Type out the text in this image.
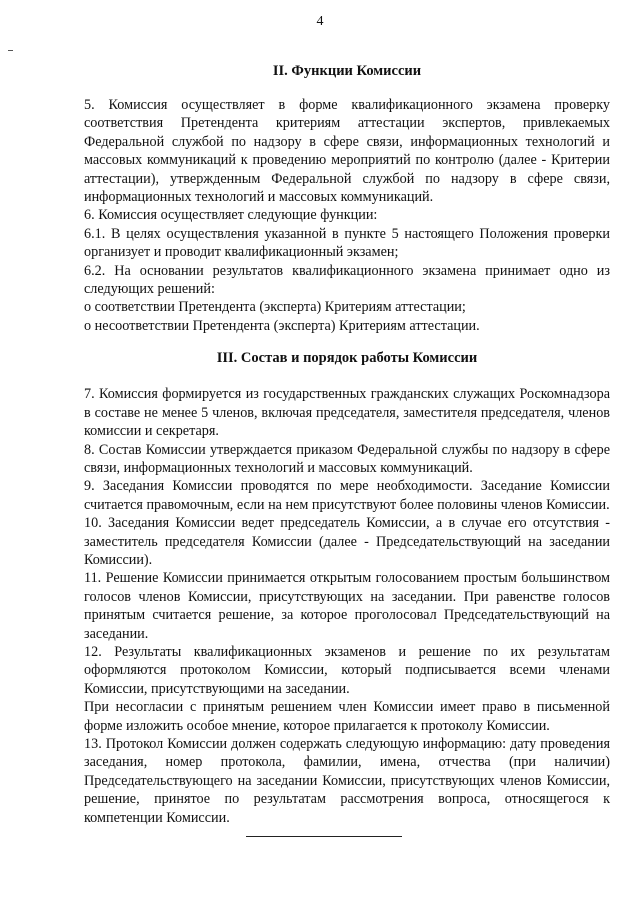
4
II. Функции Комиссии

5. Комиссия осуществляет в форме квалификационного экзамена проверку соответствия Претендента критериям аттестации экспертов, привлекаемых Федеральной службой по надзору в сфере связи, информационных технологий и массовых коммуникаций к проведению мероприятий по контролю (далее - Критерии аттестации), утвержденным Федеральной службой по надзору в сфере связи, информационных технологий и массовых коммуникаций.

6. Комиссия осуществляет следующие функции:

6.1. В целях осуществления указанной в пункте 5 настоящего Положения проверки организует и проводит квалификационный экзамен;

6.2. На основании результатов квалификационного экзамена принимает одно из следующих решений:

о соответствии Претендента (эксперта) Критериям аттестации;

о несоответствии Претендента (эксперта) Критериям аттестации.

III. Состав и порядок работы Комиссии

7. Комиссия формируется из государственных гражданских служащих Роскомнадзора в составе не менее 5 членов, включая председателя, заместителя председателя, членов комиссии и секретаря.

8. Состав Комиссии утверждается приказом Федеральной службы по надзору в сфере связи, информационных технологий и массовых коммуникаций.

9. Заседания Комиссии проводятся по мере необходимости. Заседание Комиссии считается правомочным, если на нем присутствуют более половины членов Комиссии.

10. Заседания Комиссии ведет председатель Комиссии, а в случае его отсутствия - заместитель председателя Комиссии (далее - Председательствующий на заседании Комиссии).

11. Решение Комиссии принимается открытым голосованием простым большинством голосов членов Комиссии, присутствующих на заседании. При равенстве голосов принятым считается решение, за которое проголосовал Председательствующий на заседании.

12. Результаты квалификационных экзаменов и решение по их результатам оформляются протоколом Комиссии, который подписывается всеми членами Комиссии, присутствующими на заседании.

При несогласии с принятым решением член Комиссии имеет право в письменной форме изложить особое мнение, которое прилагается к протоколу Комиссии.

13. Протокол Комиссии должен содержать следующую информацию: дату проведения заседания, номер протокола, фамилии, имена, отчества (при наличии) Председательствующего на заседании Комиссии, присутствующих членов Комиссии, решение, принятое по результатам рассмотрения вопроса, относящегося к компетенции Комиссии.
